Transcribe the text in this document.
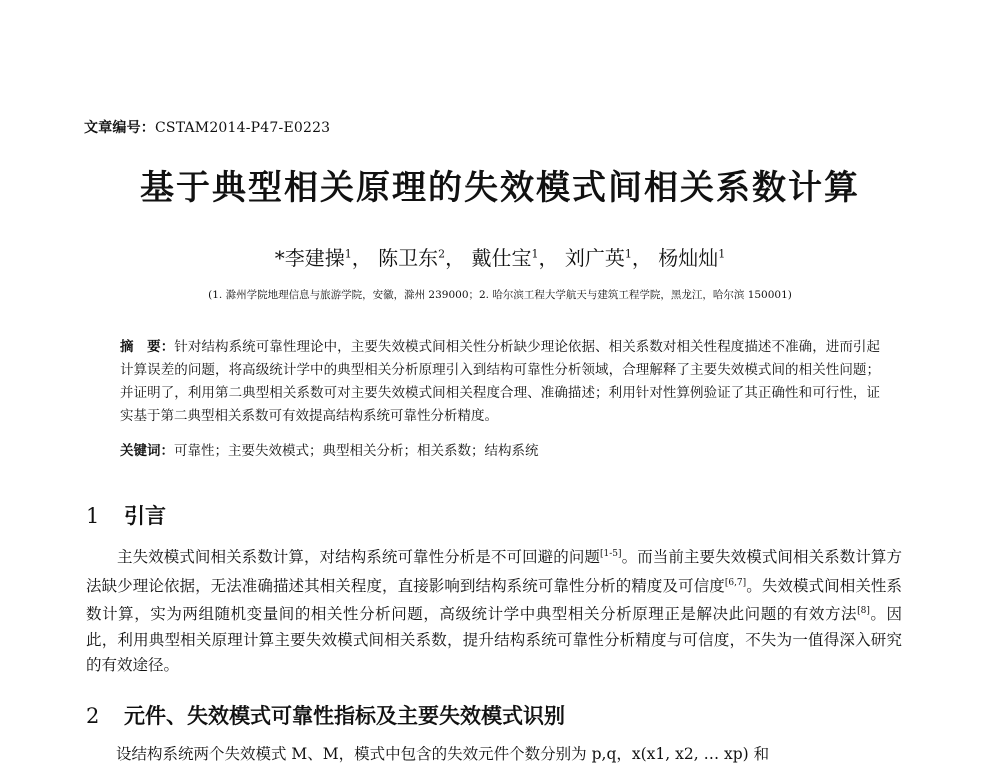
文章编号：CSTAM2014-P47-E0223
基于典型相关原理的失效模式间相关系数计算
*李建操$^1$， 陈卫东$^2$， 戴仕宝$^1$， 刘广英$^1$， 杨灿灿$^1$
(1. 滁州学院地理信息与旅游学院，安徽，滁州 239000；2. 哈尔滨工程大学航天与建筑工程学院，黑龙江，哈尔滨 150001)
摘　要：针对结构系统可靠性理论中，主要失效模式间相关性分析缺少理论依据、相关系数对相关性程度描述不准确，进而引起计算误差的问题，将高级统计学中的典型相关分析原理引入到结构可靠性分析领域，合理解释了主要失效模式间的相关性问题；并证明了，利用第二典型相关系数可对主要失效模式间相关程度合理、准确描述；利用针对性算例验证了其正确性和可行性，证实基于第二典型相关系数可有效提高结构系统可靠性分析精度。
关键词：可靠性；主要失效模式；典型相关分析；相关系数；结构系统
1 引言
主失效模式间相关系数计算，对结构系统可靠性分析是不可回避的问题[1-5]。而当前主要失效模式间相关系数计算方法缺少理论依据，无法准确描述其相关程度，直接影响到结构系统可靠性分析的精度及可信度[6,7]。失效模式间相关性系数计算，实为两组随机变量间的相关性分析问题，高级统计学中典型相关分析原理正是解决此问题的有效方法[8]。因此，利用典型相关原理计算主要失效模式间相关系数，提升结构系统可靠性分析精度与可信度，不失为一值得深入研究的有效途径。
2 元件、失效模式可靠性指标及主要失效模式识别
设结构系统两个失效模式 M、M，模式中包含的失效元件个数分别为 p,q，x(x1, x2, … xp) 和
